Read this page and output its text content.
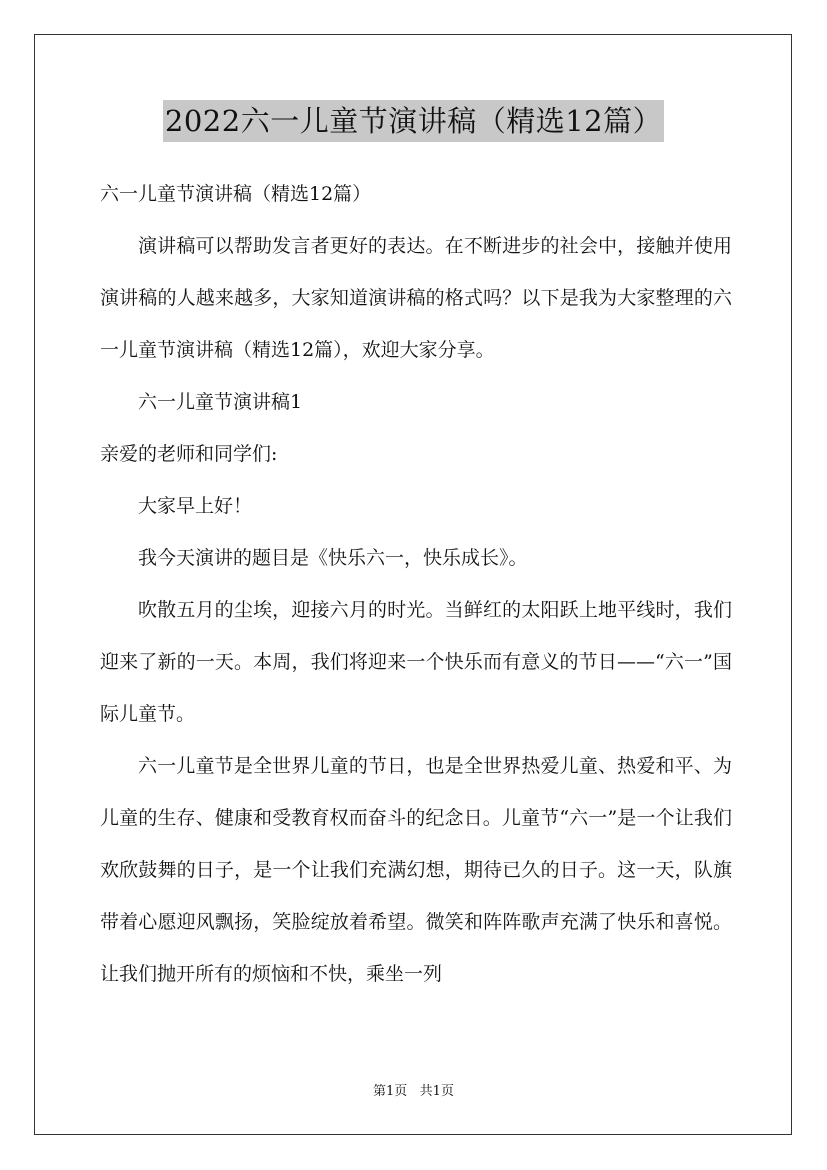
2022六一儿童节演讲稿（精选12篇）

六一儿童节演讲稿（精选12篇）

演讲稿可以帮助发言者更好的表达。在不断进步的社会中，接触并使用演讲稿的人越来越多，大家知道演讲稿的格式吗？以下是我为大家整理的六一儿童节演讲稿（精选12篇），欢迎大家分享。

六一儿童节演讲稿1

亲爱的老师和同学们:

大家早上好！

我今天演讲的题目是《快乐六一，快乐成长》。

吹散五月的尘埃，迎接六月的时光。当鲜红的太阳跃上地平线时，我们迎来了新的一天。本周，我们将迎来一个快乐而有意义的节日——“六一”国际儿童节。

六一儿童节是全世界儿童的节日，也是全世界热爱儿童、热爱和平、为儿童的生存、健康和受教育权而奋斗的纪念日。儿童节“六一”是一个让我们欢欣鼓舞的日子，是一个让我们充满幻想，期待已久的日子。这一天，队旗带着心愿迎风飘扬，笑脸绽放着希望。微笑和阵阵歌声充满了快乐和喜悦。让我们抛开所有的烦恼和不快，乘坐一列

第1页   共1页
